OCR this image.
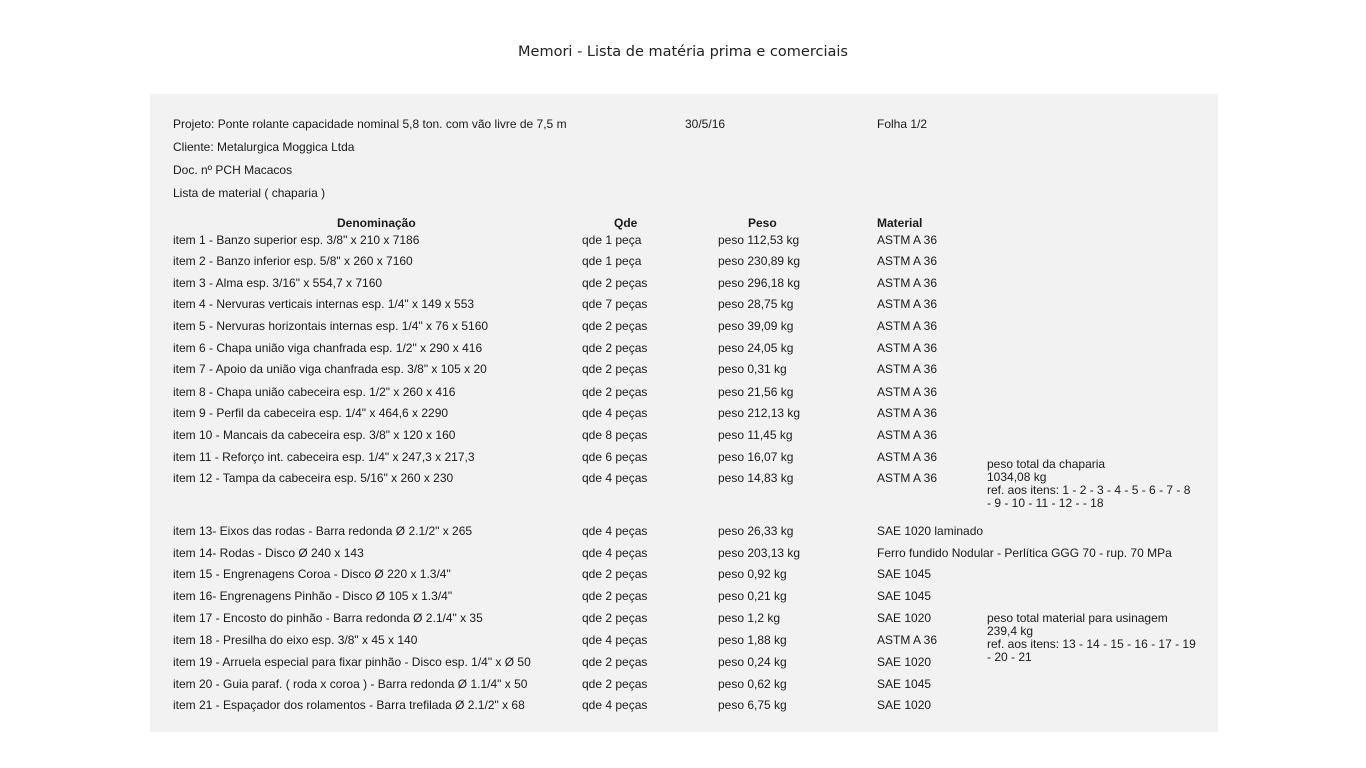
Memori - Lista de matéria prima e comerciais
Projeto: Ponte rolante capacidade nominal 5,8 ton. com vão livre de 7,5 m	30/5/16	Folha 1/2
Cliente: Metalurgica Moggica Ltda
Doc. nº PCH Macacos
Lista de material ( chaparia )
Denominação	Qde	Peso	Material
item 1 - Banzo superior esp. 3/8" x 210 x 7186	qde 1 peça	peso 112,53 kg	ASTM A 36
item 2 - Banzo inferior esp. 5/8" x 260 x 7160	qde 1 peça	peso 230,89 kg	ASTM A 36
item 3 - Alma esp. 3/16" x 554,7 x 7160	qde 2 peças	peso 296,18 kg	ASTM A 36
item 4 - Nervuras verticais internas esp. 1/4" x 149 x 553	qde 7 peças	peso 28,75 kg	ASTM A 36
item 5 - Nervuras horizontais internas esp. 1/4" x 76 x 5160	qde 2 peças	peso 39,09 kg	ASTM A 36
item 6 - Chapa união viga chanfrada esp. 1/2" x 290 x 416	qde 2 peças	peso 24,05 kg	ASTM A 36
item 7 - Apoio da união viga chanfrada esp. 3/8" x 105 x 20	qde 2 peças	peso 0,31 kg	ASTM A 36
item 8 - Chapa união cabeceira esp. 1/2" x 260 x 416	qde 2 peças	peso 21,56 kg	ASTM A 36
item 9 - Perfil da cabeceira esp. 1/4" x 464,6 x 2290	qde 4 peças	peso 212,13 kg	ASTM A 36
item 10 - Mancais da cabeceira esp. 3/8" x 120 x 160	qde 8 peças	peso 11,45 kg	ASTM A 36
item 11 - Reforço int. cabeceira esp. 1/4" x 247,3 x 217,3	qde 6 peças	peso 16,07 kg	ASTM A 36
item 12 - Tampa da cabeceira esp. 5/16" x 260 x 230	qde 4 peças	peso 14,83 kg	ASTM A 36
item 13- Eixos das rodas - Barra redonda Ø 2.1/2" x 265	qde 4 peças	peso 26,33 kg	SAE 1020 laminado
item 14- Rodas - Disco Ø 240 x 143	qde 4 peças	peso 203,13 kg	Ferro fundido Nodular - Perlítica GGG 70 - rup. 70 MPa
item 15 - Engrenagens Coroa - Disco Ø 220 x 1.3/4"	qde 2 peças	peso 0,92 kg	SAE 1045
item 16- Engrenagens Pinhão - Disco Ø 105 x 1.3/4"	qde 2 peças	peso 0,21 kg	SAE 1045
item 17 - Encosto do pinhão - Barra redonda Ø 2.1/4" x 35	qde 2 peças	peso 1,2 kg	SAE 1020
item 18 - Presilha do eixo esp. 3/8" x 45 x 140	qde 4 peças	peso 1,88 kg	ASTM A 36
item 19 - Arruela especial para fixar pinhão - Disco esp. 1/4" x Ø 50	qde 2 peças	peso 0,24 kg	SAE 1020
item 20 - Guia paraf. ( roda x coroa ) - Barra redonda Ø 1.1/4" x 50	qde 2 peças	peso 0,62 kg	SAE 1045
item 21 - Espaçador dos rolamentos - Barra trefilada Ø 2.1/2" x 68	qde 4 peças	peso 6,75 kg	SAE 1020
peso total da chaparia
1034,08 kg
ref. aos itens: 1 - 2 - 3 - 4 - 5 - 6 - 7 - 8 - 9 - 10 - 11 - 12 - - 18
peso total material para usinagem
239,4 kg
ref. aos itens: 13 - 14 - 15 - 16 - 17 - 19 - 20 - 21
